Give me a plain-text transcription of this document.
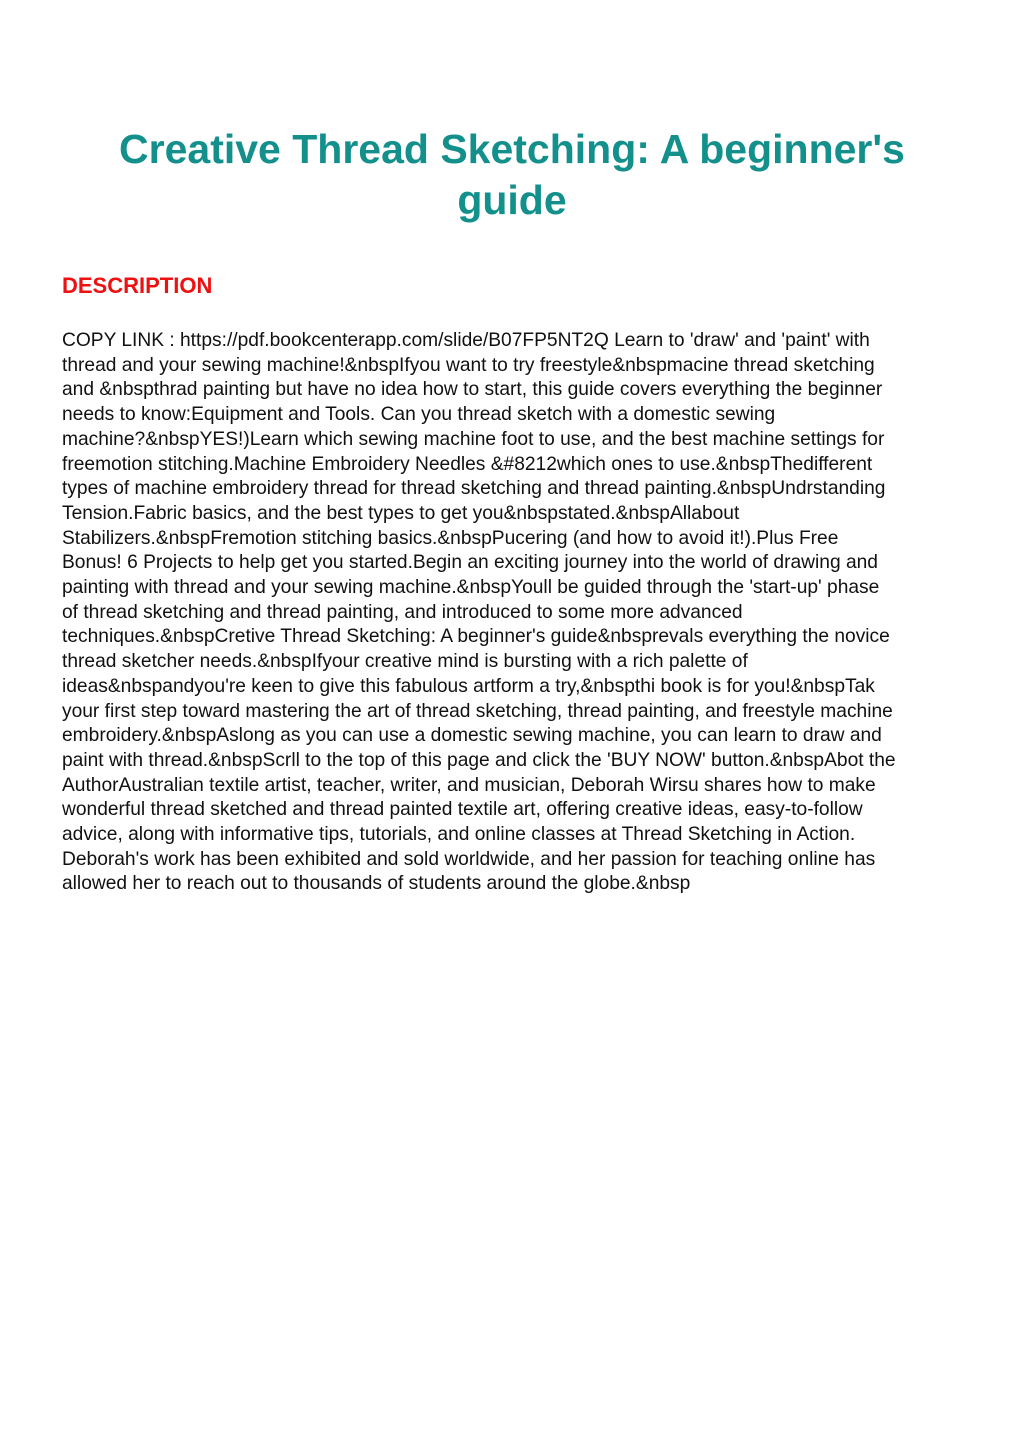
Creative Thread Sketching: A beginner's guide
DESCRIPTION

COPY LINK : https://pdf.bookcenterapp.com/slide/B07FP5NT2Q Learn to 'draw' and 'paint' with
thread and your sewing machine!&nbspIfyou want to try freestyle&nbspmacine thread sketching
and &nbspthrad painting but have no idea how to start, this guide covers everything the beginner
needs to know:Equipment and Tools. Can you thread sketch with a domestic sewing
machine?&nbspYES!)Learn which sewing machine foot to use, and the best machine settings for
freemotion stitching.Machine Embroidery Needles &#8212which ones to use.&nbspThedifferent
types of machine embroidery thread for thread sketching and thread painting.&nbspUndrstanding
Tension.Fabric basics, and the best types to get you&nbspstated.&nbspAllabout
Stabilizers.&nbspFremotion stitching basics.&nbspPucering (and how to avoid it!).Plus Free
Bonus! 6 Projects to help get you started.Begin an exciting journey into the world of drawing and
painting with thread and your sewing machine.&nbspYoull be guided through the 'start-up' phase
of thread sketching and thread painting, and introduced to some more advanced
techniques.&nbspCretive Thread Sketching: A beginner's guide&nbsprevals everything the novice
thread sketcher needs.&nbspIfyour creative mind is bursting with a rich palette of
ideas&nbspandyou're keen to give this fabulous artform a try,&nbspthi book is for you!&nbspTak
your first step toward mastering the art of thread sketching, thread painting, and freestyle machine
embroidery.&nbspAslong as you can use a domestic sewing machine, you can learn to draw and
paint with thread.&nbspScrll to the top of this page and click the 'BUY NOW' button.&nbspAbot the
AuthorAustralian textile artist, teacher, writer, and musician, Deborah Wirsu shares how to make
wonderful thread sketched and thread painted textile art, offering creative ideas, easy-to-follow
advice, along with informative tips, tutorials, and online classes at Thread Sketching in Action.
Deborah's work has been exhibited and sold worldwide, and her passion for teaching online has
allowed her to reach out to thousands of students around the globe.&nbsp
